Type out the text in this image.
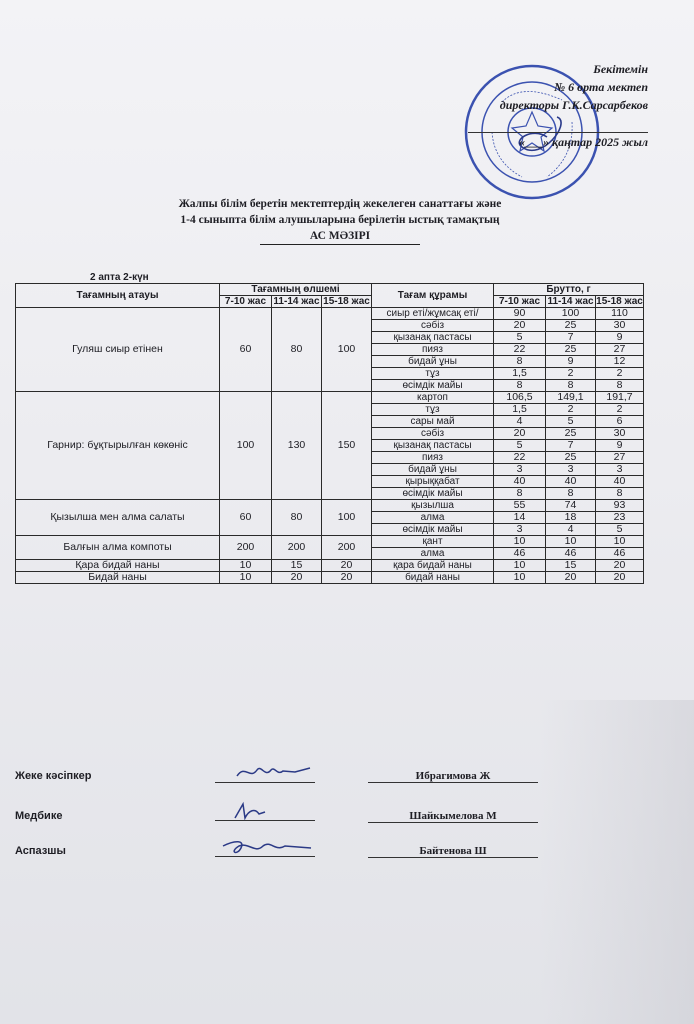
Бекітемін
№ 6 орта мектеп
директоры Г.К.Сарсарбеков
«___» қаңтар 2025 жыл
Жалпы білім беретін мектептердің жекелеген санаттағы және
1-4 сыныпта білім алушыларына берілетін ыстық тамақтың
АС МӘЗІРІ
2 апта 2-күн
Тағамның атауы	Тағамның өлшемі			Тағам құрамы	Брутто, г		
	7-10 жас	11-14 жас	15-18 жас		7-10 жас	11-14 жас	15-18 жас
Гуляш сиыр етінен	60	80	100	сиыр еті/жұмсақ еті/	90	100	110
				сәбіз	20	25	30
				қызанақ пастасы	5	7	9
				пияз	22	25	27
				бидай ұны	8	9	12
				тұз	1,5	2	2
				өсімдік майы	8	8	8
Гарнир: бұқтырылған көкөніс	100	130	150	картоп	106,5	149,1	191,7
				тұз	1,5	2	2
				сары май	4	5	6
				сәбіз	20	25	30
				қызанақ пастасы	5	7	9
				пияз	22	25	27
				бидай ұны	3	3	3
				қырыққабат	40	40	40
				өсімдік майы	8	8	8
Қызылша мен алма салаты	60	80	100	қызылша	55	74	93
				алма	14	18	23
				өсімдік майы	3	4	5
Балғын алма компоты	200	200	200	қант	10	10	10
				алма	46	46	46
Қара бидай наны	10	15	20	қара бидай наны	10	15	20
Бидай наны	10	20	20	бидай наны	10	20	20
Жеке кәсіпкер	Ибрагимова Ж
Медбике	Шайкымелова М
Аспазшы	Байтенова Ш
